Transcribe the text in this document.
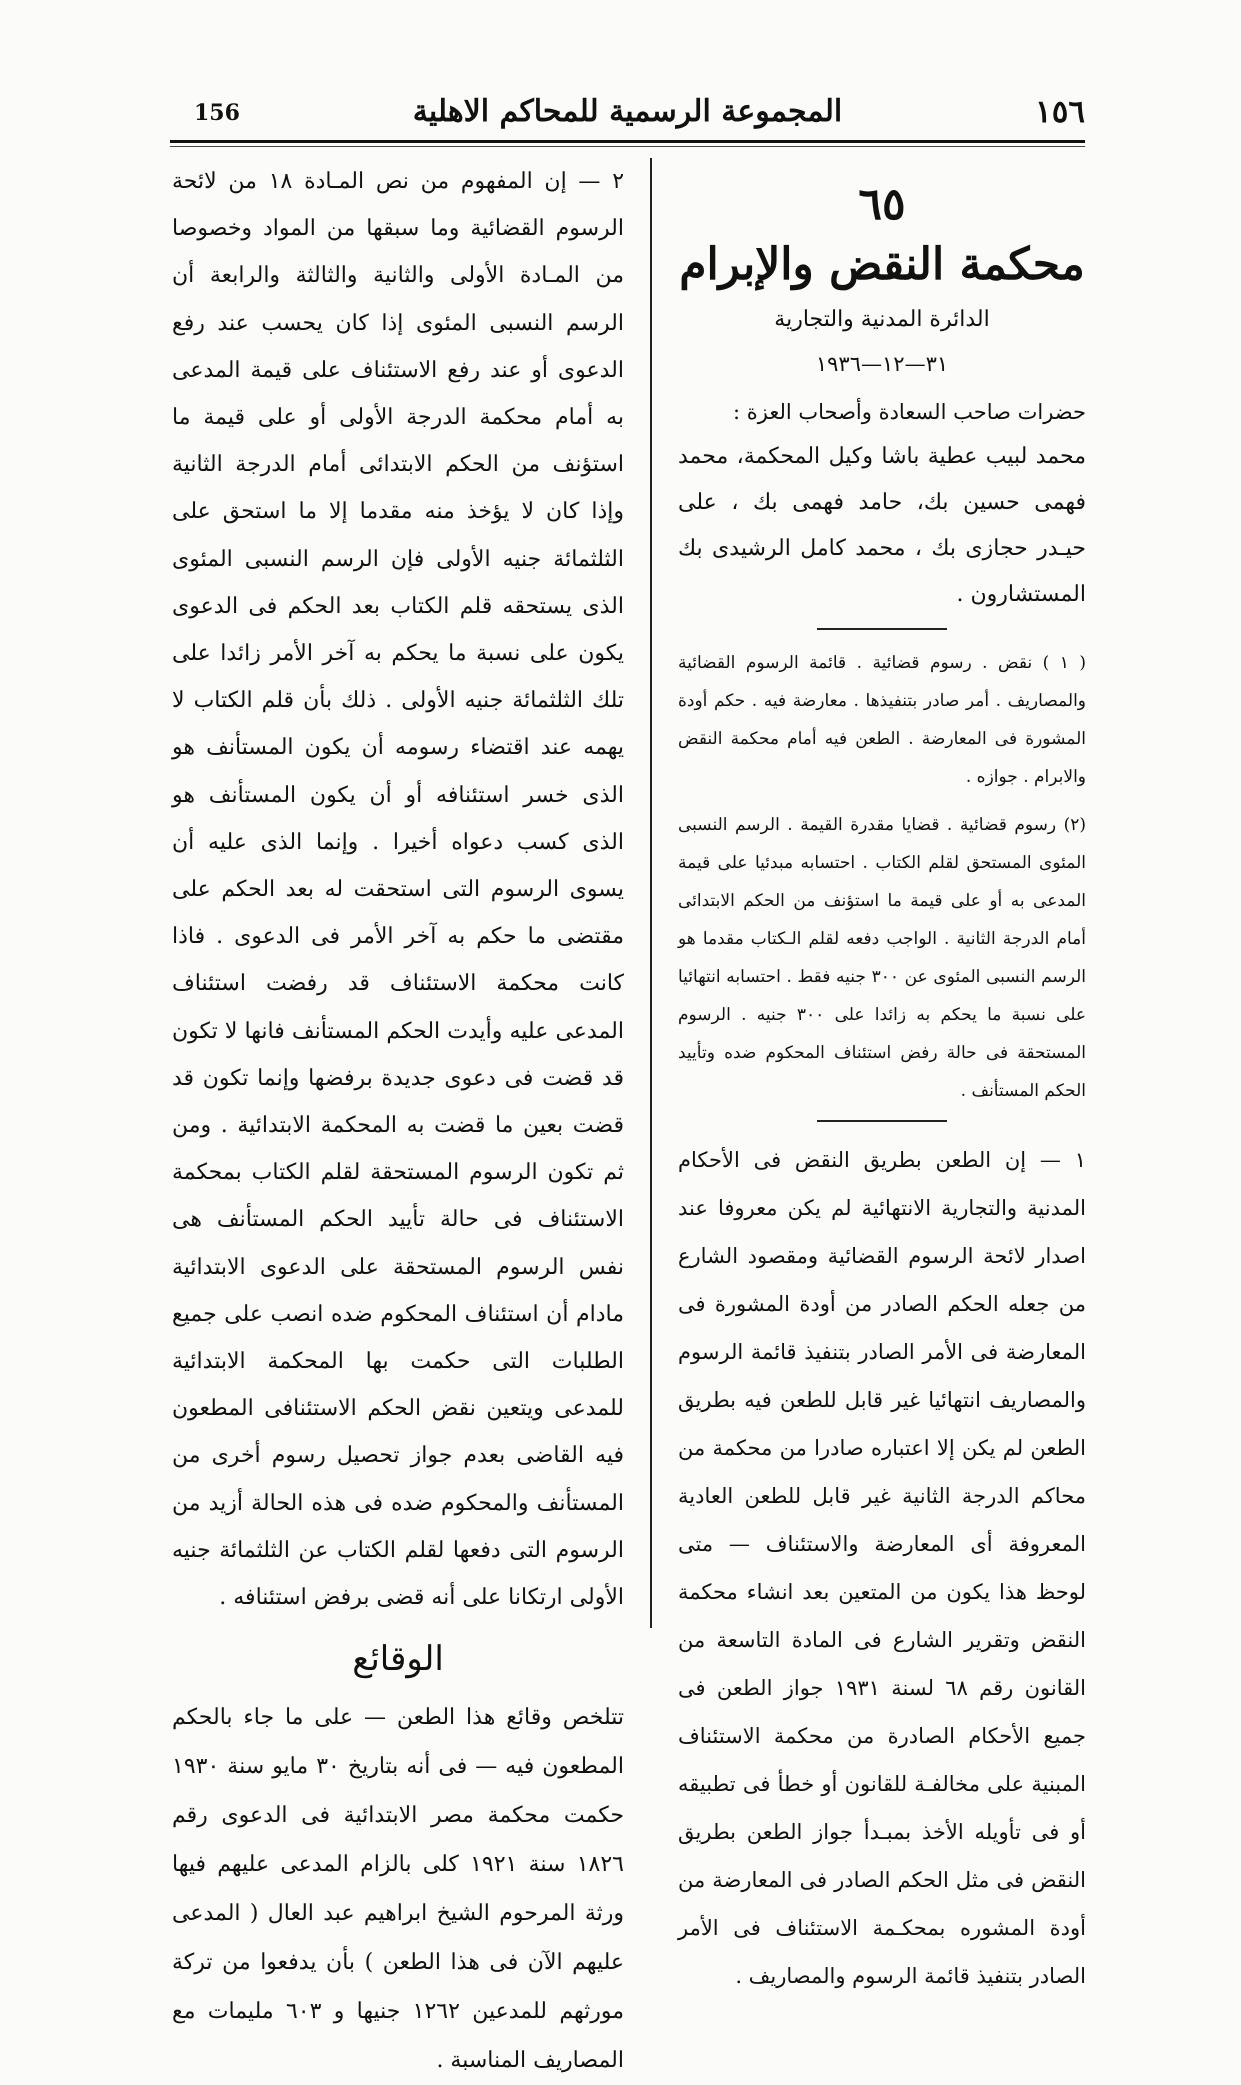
156	المجموعة الرسمية للمحاكم الاهلية	١٥٦
٦٥
محكمة النقض والإبرام
الدائرة المدنية والتجارية
٣١—١٢—١٩٣٦
حضرات صاحب السعادة وأصحاب العزة :
محمد لبيب عطية باشا وكيل المحكمة، محمد فهمى حسين بك، حامد فهمى بك ، على حيـدر حجازى بك ، محمد كامل الرشيدى بك المستشارون .
( ١ ) نقض . رسوم قضائية . قائمة الرسوم القضائية والمصاريف . أمر صادر بتنفيذها . معارضة فيه . حكم أودة المشورة فى المعارضة . الطعن فيه أمام محكمة النقض والابرام . جوازه .
(٢) رسوم قضائية . قضايا مقدرة القيمة . الرسم النسبى المئوى المستحق لقلم الكتاب . احتسابه مبدئيا على قيمة المدعى به أو على قيمة ما استؤنف من الحكم الابتدائى أمام الدرجة الثانية . الواجب دفعه لقلم الـكتاب مقدما هو الرسم النسبى المئوى عن ٣٠٠ جنيه فقط . احتسابه انتهائيا على نسبة ما يحكم به زائدا على ٣٠٠ جنيه . الرسوم المستحقة فى حالة رفض استئناف المحكوم ضده وتأييد الحكم المستأنف .
١ — إن الطعن بطريق النقض فى الأحكام المدنية والتجارية الانتهائية لم يكن معروفا عند اصدار لائحة الرسوم القضائية ومقصود الشارع من جعله الحكم الصادر من أودة المشورة فى المعارضة فى الأمر الصادر بتنفيذ قائمة الرسوم والمصاريف انتهائيا غير قابل للطعن فيه بطريق الطعن لم يكن إلا اعتباره صادرا من محكمة من محاكم الدرجة الثانية غير قابل للطعن العادية المعروفة أى المعارضة والاستئناف — متى لوحظ هذا يكون من المتعين بعد انشاء محكمة النقض وتقرير الشارع فى المادة التاسعة من القانون رقم ٦٨ لسنة ١٩٣١ جواز الطعن فى جميع الأحكام الصادرة من محكمة الاستئناف المبنية على مخالفـة للقانون أو خطأ فى تطبيقه أو فى تأويله الأخذ بمبـدأ جواز الطعن بطريق النقض فى مثل الحكم الصادر فى المعارضة من أودة المشوره بمحكـمة الاستئناف فى الأمر الصادر بتنفيذ قائمة الرسوم والمصاريف .
٢ — إن المفهوم من نص المـادة ١٨ من لائحة الرسوم القضائية وما سبقها من المواد وخصوصا من المـادة الأولى والثانية والثالثة والرابعة أن الرسم النسبى المئوى إذا كان يحسب عند رفع الدعوى أو عند رفع الاستئناف على قيمة المدعى به أمام محكمة الدرجة الأولى أو على قيمة ما استؤنف من الحكم الابتدائى أمام الدرجة الثانية وإذا كان لا يؤخذ منه مقدما إلا ما استحق على الثلثمائة جنيه الأولى فإن الرسم النسبى المئوى الذى يستحقه قلم الكتاب بعد الحكم فى الدعوى يكون على نسبة ما يحكم به آخر الأمر زائدا على تلك الثلثمائة جنيه الأولى . ذلك بأن قلم الكتاب لا يهمه عند اقتضاء رسومه أن يكون المستأنف هو الذى خسر استئنافه أو أن يكون المستأنف هو الذى كسب دعواه أخيرا . وإنما الذى عليه أن يسوى الرسوم التى استحقت له بعد الحكم على مقتضى ما حكم به آخر الأمر فى الدعوى . فاذا كانت محكمة الاستئناف قد رفضت استئناف المدعى عليه وأيدت الحكم المستأنف فانها لا تكون قد قضت فى دعوى جديدة برفضها وإنما تكون قد قضت بعين ما قضت به المحكمة الابتدائية . ومن ثم تكون الرسوم المستحقة لقلم الكتاب بمحكمة الاستئناف فى حالة تأييد الحكم المستأنف هى نفس الرسوم المستحقة على الدعوى الابتدائية مادام أن استئناف المحكوم ضده انصب على جميع الطلبات التى حكمت بها المحكمة الابتدائية للمدعى ويتعين نقض الحكم الاستئنافى المطعون فيه القاضى بعدم جواز تحصيل رسوم أخرى من المستأنف والمحكوم ضده فى هذه الحالة أزيد من الرسوم التى دفعها لقلم الكتاب عن الثلثمائة جنيه الأولى ارتكانا على أنه قضى برفض استئنافه .
الوقائع
تتلخص وقائع هذا الطعن — على ما جاء بالحكم المطعون فيه — فى أنه بتاريخ ٣٠ مايو سنة ١٩٣٠ حكمت محكمة مصر الابتدائية فى الدعوى رقم ١٨٢٦ سنة ١٩٢١ كلى بالزام المدعى عليهم فيها ورثة المرحوم الشيخ ابراهيم عبد العال ( المدعى عليهم الآن فى هذا الطعن ) بأن يدفعوا من تركة مورثهم للمدعين ١٢٦٢ جنيها و ٦٠٣ مليمات مع المصاريف المناسبة .
